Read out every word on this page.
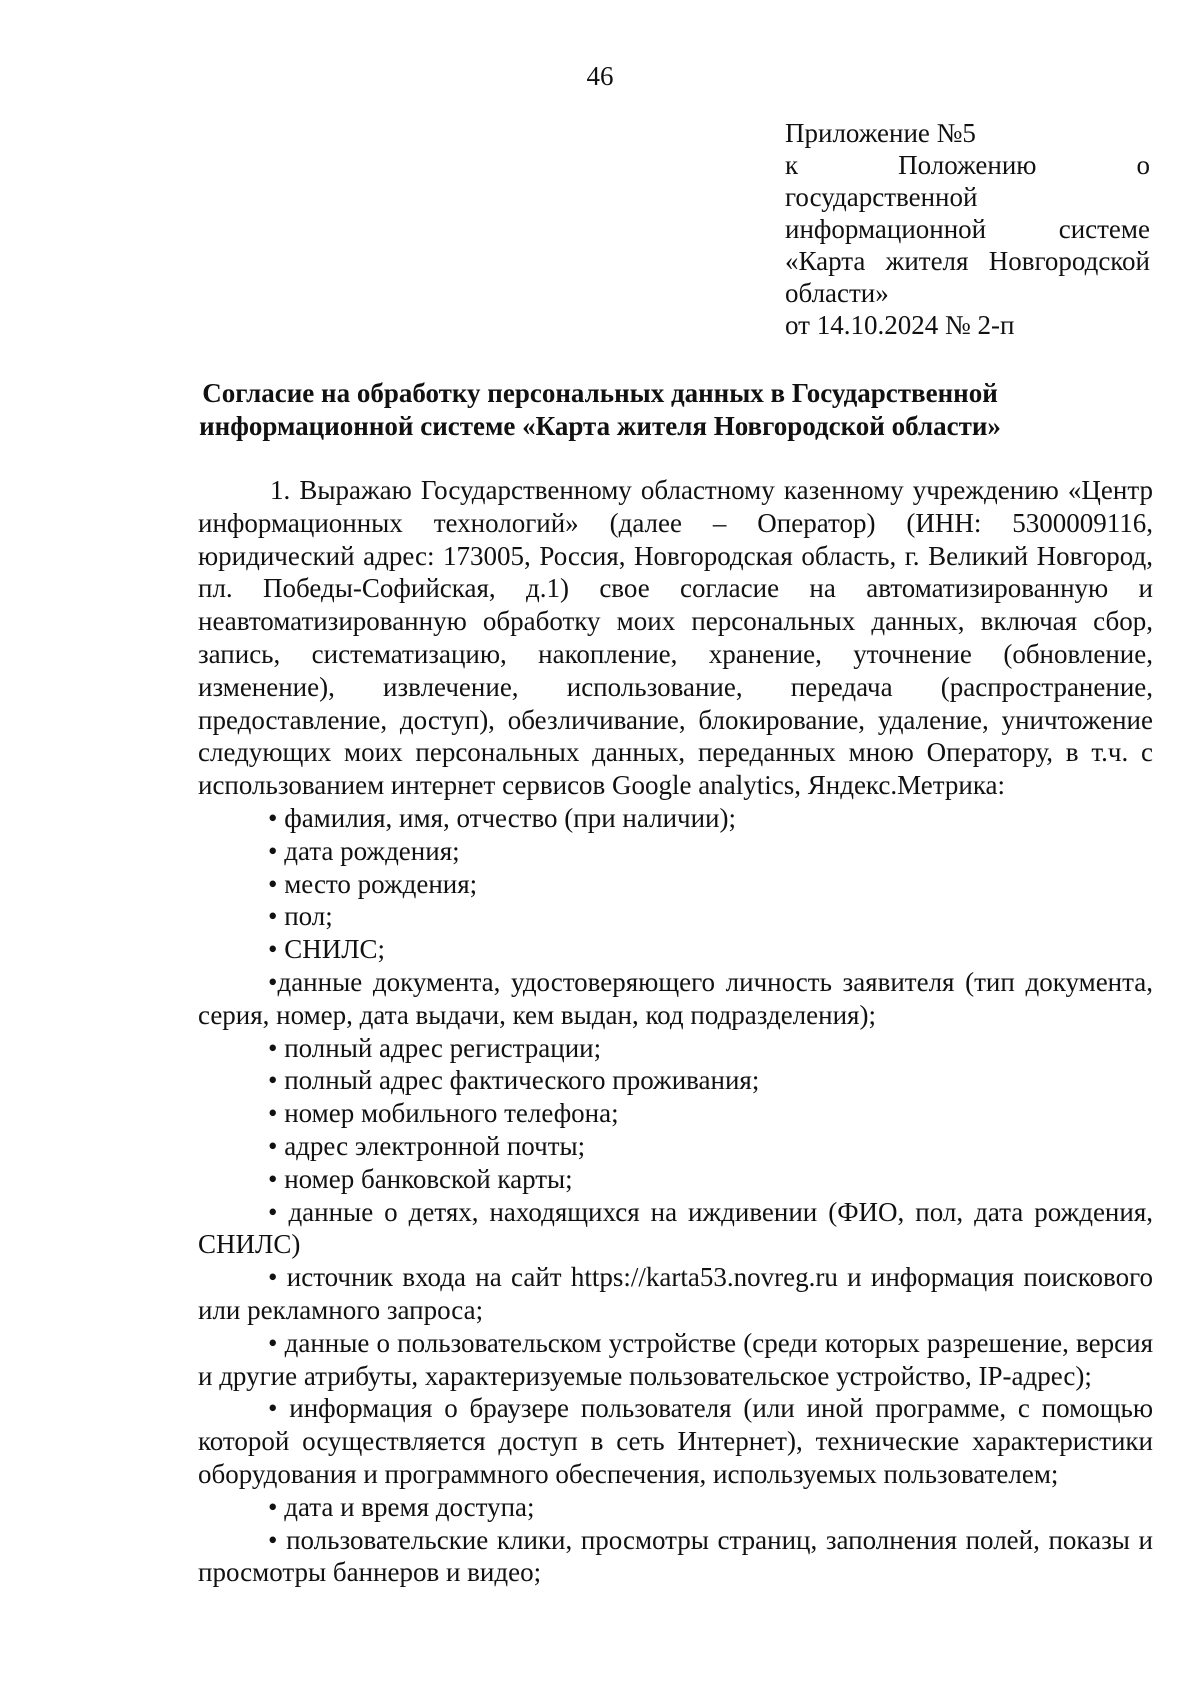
46
Приложение №5
к	Положению	о
государственной
информационной	системе
«Карта жителя Новгородской
области»
от 14.10.2024 № 2-п
Согласие на обработку персональных данных в Государственной
информационной системе «Карта жителя Новгородской области»

1. Выражаю Государственному областному казенному учреждению «Центр информационных технологий» (далее – Оператор) (ИНН: 5300009116, юридический адрес: 173005, Россия, Новгородская область, г. Великий Новгород, пл. Победы-Софийская, д.1) свое согласие на автоматизированную и неавтоматизированную обработку моих персональных данных, включая сбор, запись, систематизацию, накопление, хранение, уточнение (обновление, изменение), извлечение, использование, передача (распространение, предоставление, доступ), обезличивание, блокирование, удаление, уничтожение следующих моих персональных данных, переданных мною Оператору, в т.ч. с использованием интернет сервисов Google analytics, Яндекс.Метрика:

• фамилия, имя, отчество (при наличии);

• дата рождения;

• место рождения;

• пол;

• СНИЛС;

•данные документа, удостоверяющего личность заявителя (тип документа, серия, номер, дата выдачи, кем выдан, код подразделения);

• полный адрес регистрации;

• полный адрес фактического проживания;

• номер мобильного телефона;

• адрес электронной почты;

• номер банковской карты;

• данные о детях, находящихся на иждивении (ФИО, пол, дата рождения, СНИЛС)

• источник входа на сайт https://karta53.novreg.ru и информация поискового или рекламного запроса;

• данные о пользовательском устройстве (среди которых разрешение, версия и другие атрибуты, характеризуемые пользовательское устройство, IP-адрес);

• информация о браузере пользователя (или иной программе, с помощью которой осуществляется доступ в сеть Интернет), технические характеристики оборудования и программного обеспечения, используемых пользователем;

• дата и время доступа;

• пользовательские клики, просмотры страниц, заполнения полей, показы и просмотры баннеров и видео;
